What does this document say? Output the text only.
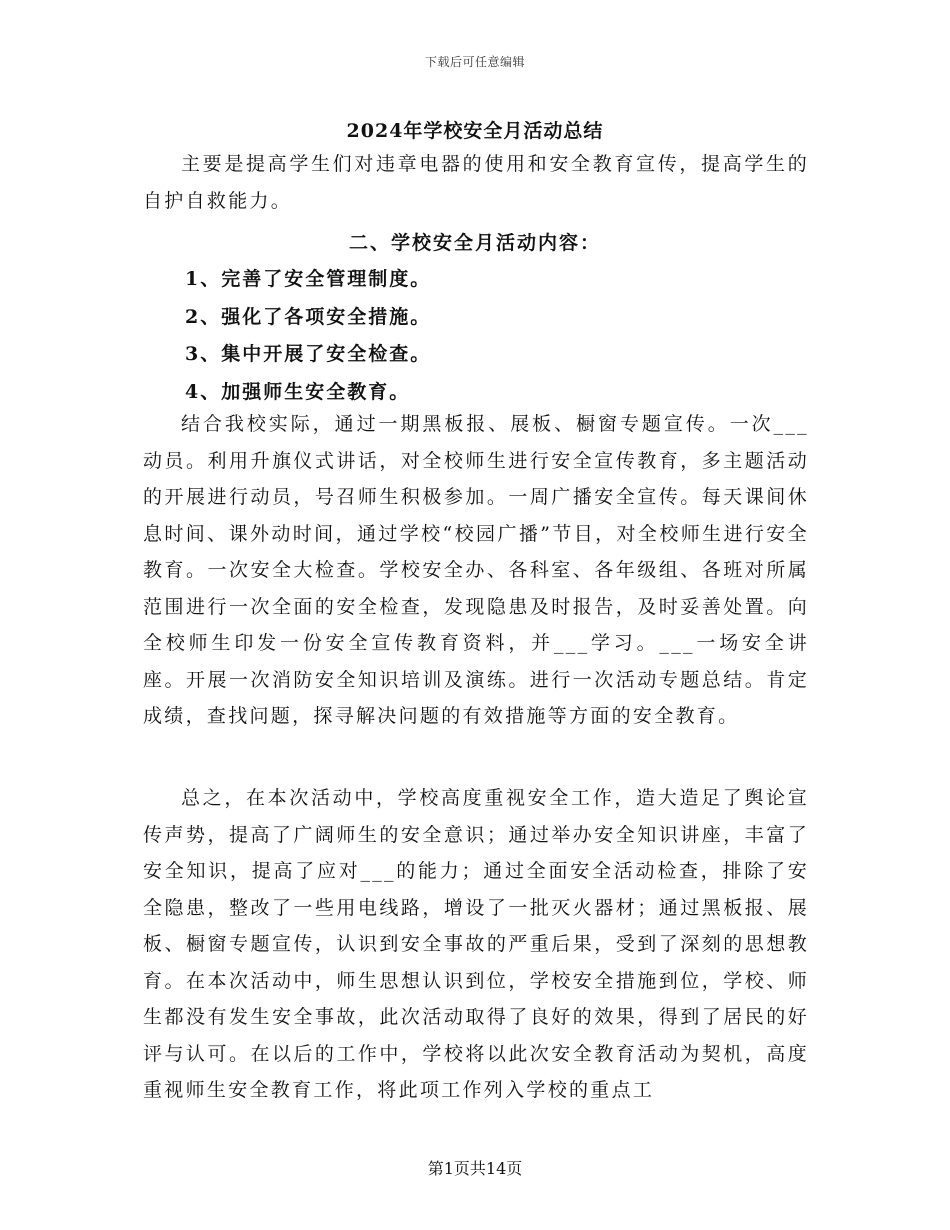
下载后可任意编辑
2024年学校安全月活动总结

主要是提高学生们对违章电器的使用和安全教育宣传，提高学生的自护自救能力。

二、学校安全月活动内容：
1、完善了安全管理制度。
2、强化了各项安全措施。
3、集中开展了安全检查。
4、加强师生安全教育。

结合我校实际，通过一期黑板报、展板、橱窗专题宣传。一次___动员。利用升旗仪式讲话，对全校师生进行安全宣传教育，多主题活动的开展进行动员，号召师生积极参加。一周广播安全宣传。每天课间休息时间、课外动时间，通过学校“校园广播”节目，对全校师生进行安全教育。一次安全大检查。学校安全办、各科室、各年级组、各班对所属范围进行一次全面的安全检查，发现隐患及时报告，及时妥善处置。向全校师生印发一份安全宣传教育资料，并___学习。___一场安全讲座。开展一次消防安全知识培训及演练。进行一次活动专题总结。肯定成绩，查找问题，探寻解决问题的有效措施等方面的安全教育。

总之，在本次活动中，学校高度重视安全工作，造大造足了舆论宣传声势，提高了广阔师生的安全意识；通过举办安全知识讲座，丰富了安全知识，提高了应对___的能力；通过全面安全活动检查，排除了安全隐患，整改了一些用电线路，增设了一批灭火器材；通过黑板报、展板、橱窗专题宣传，认识到安全事故的严重后果，受到了深刻的思想教育。在本次活动中，师生思想认识到位，学校安全措施到位，学校、师生都没有发生安全事故，此次活动取得了良好的效果，得到了居民的好评与认可。在以后的工作中，学校将以此次安全教育活动为契机，高度重视师生安全教育工作，将此项工作列入学校的重点工

第1页共14页
